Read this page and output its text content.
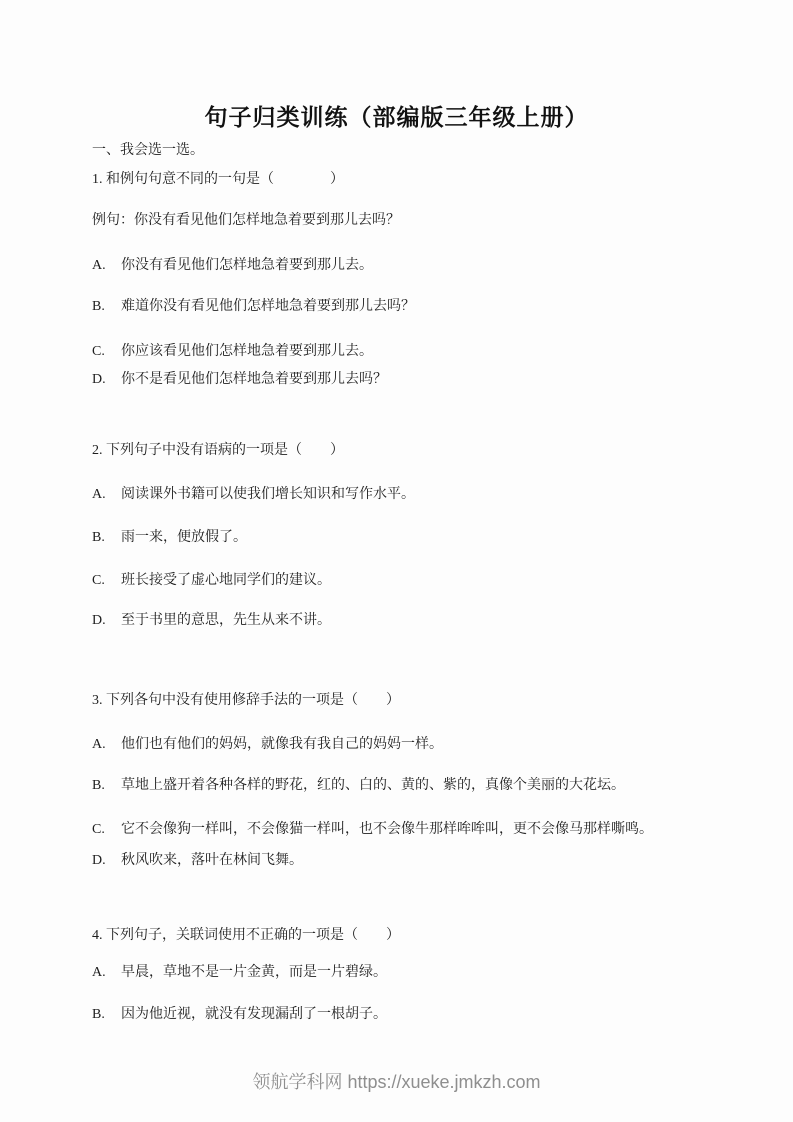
句子归类训练（部编版三年级上册）
一、我会选一选。
1. 和例句句意不同的一句是（　　　　）
例句：你没有看见他们怎样地急着要到那儿去吗？
A. 你没有看见他们怎样地急着要到那儿去。
B. 难道你没有看见他们怎样地急着要到那儿去吗？
C. 你应该看见他们怎样地急着要到那儿去。
D. 你不是看见他们怎样地急着要到那儿去吗？
2. 下列句子中没有语病的一项是（　　）
A. 阅读课外书籍可以使我们增长知识和写作水平。
B. 雨一来，便放假了。
C. 班长接受了虚心地同学们的建议。
D. 至于书里的意思，先生从来不讲。
3. 下列各句中没有使用修辞手法的一项是（　　）
A. 他们也有他们的妈妈，就像我有我自己的妈妈一样。
B. 草地上盛开着各种各样的野花，红的、白的、黄的、紫的，真像个美丽的大花坛。
C. 它不会像狗一样叫，不会像猫一样叫，也不会像牛那样哞哞叫，更不会像马那样嘶鸣。
D. 秋风吹来，落叶在林间飞舞。
4. 下列句子，关联词使用不正确的一项是（　　）
A. 早晨，草地不是一片金黄，而是一片碧绿。
B. 因为他近视，就没有发现漏刮了一根胡子。
领航学科网 https://xueke.jmkzh.com
